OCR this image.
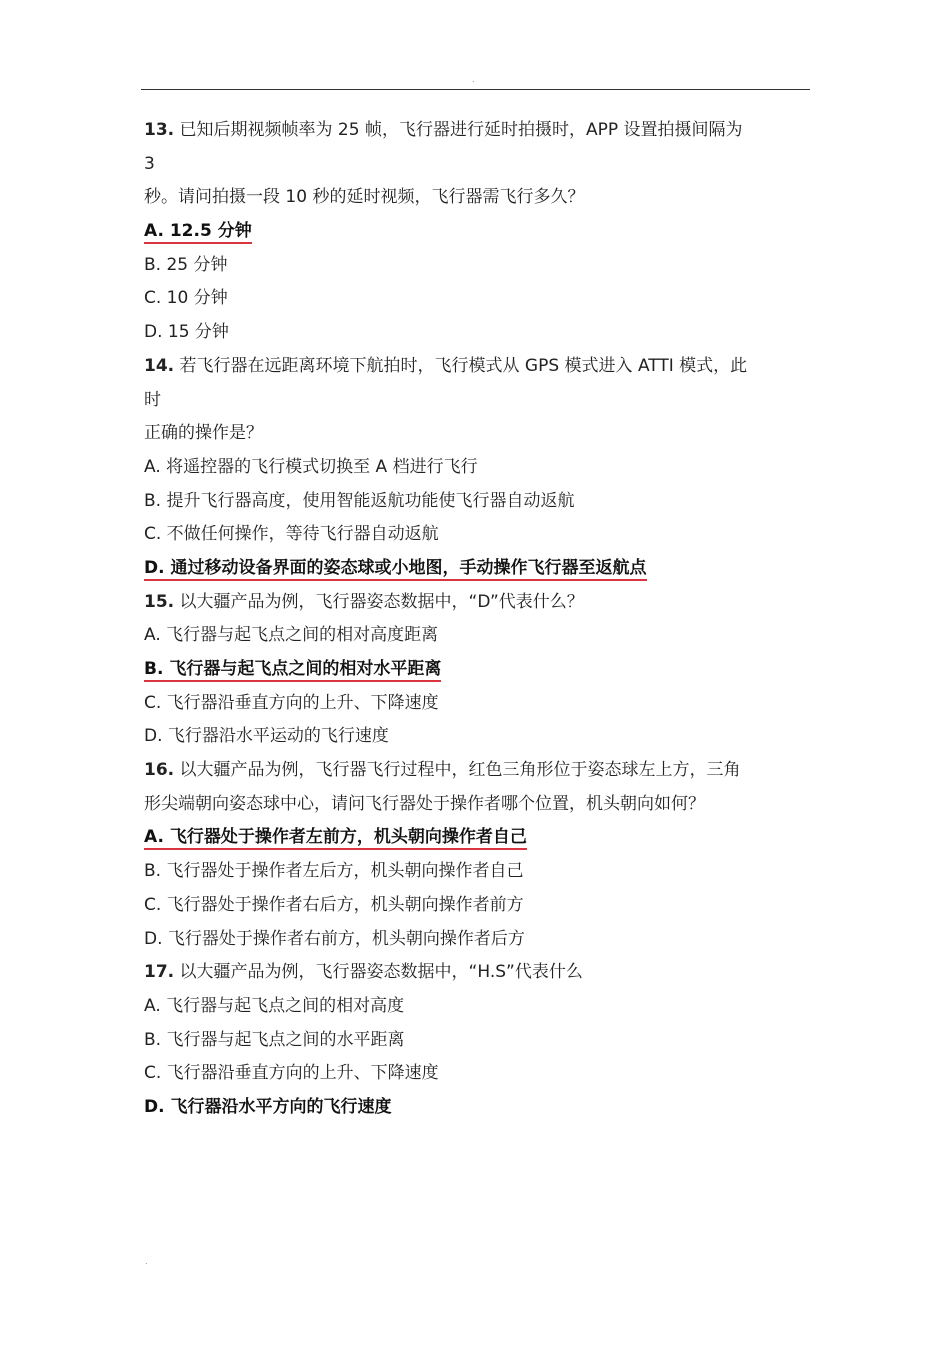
.
13. 已知后期视频帧率为 25 帧，飞行器进行延时拍摄时，APP 设置拍摄间隔为
3
秒。请问拍摄一段 10 秒的延时视频，飞行器需飞行多久？
A. 12.5 分钟
B. 25 分钟
C. 10 分钟
D. 15 分钟
14. 若飞行器在远距离环境下航拍时，飞行模式从 GPS 模式进入 ATTI 模式，此
时
正确的操作是？
A. 将遥控器的飞行模式切换至 A 档进行飞行
B. 提升飞行器高度，使用智能返航功能使飞行器自动返航
C. 不做任何操作，等待飞行器自动返航
D. 通过移动设备界面的姿态球或小地图，手动操作飞行器至返航点
15. 以大疆产品为例，飞行器姿态数据中，“D”代表什么？
A. 飞行器与起飞点之间的相对高度距离
B. 飞行器与起飞点之间的相对水平距离
C. 飞行器沿垂直方向的上升、下降速度
D. 飞行器沿水平运动的飞行速度
16. 以大疆产品为例，飞行器飞行过程中，红色三角形位于姿态球左上方，三角
形尖端朝向姿态球中心，请问飞行器处于操作者哪个位置，机头朝向如何？
A. 飞行器处于操作者左前方，机头朝向操作者自己
B. 飞行器处于操作者左后方，机头朝向操作者自己
C. 飞行器处于操作者右后方，机头朝向操作者前方
D. 飞行器处于操作者右前方，机头朝向操作者后方
17. 以大疆产品为例，飞行器姿态数据中，“H.S”代表什么
A. 飞行器与起飞点之间的相对高度
B. 飞行器与起飞点之间的水平距离
C. 飞行器沿垂直方向的上升、下降速度
D. 飞行器沿水平方向的飞行速度
.
